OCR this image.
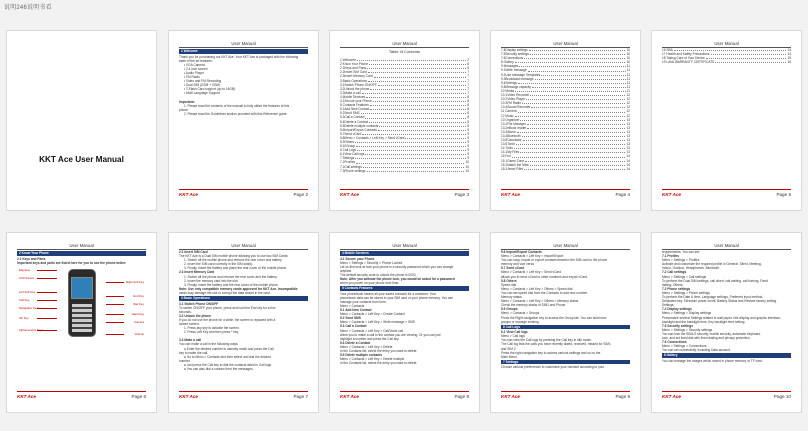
说明246说明书看
KKT Ace User Manual
User Manual
1 Welcome
Thank you for purchasing our KKT Ace. Your KKT Ace is packaged with the following
state of the art features:
• VGA Camera
• 2.4 inch screen
• Audio Player
• FM Radio
• Video and FM Recording
• Dual SIM (GSM + GSM)
• T-Flash Card support (up to 16GB)
• Multi Language Support

Important:
1. Please read the contents of the manual to fully utilize the features of this
phone.
2. Please read the Guidelines section provided with this Reference guide
KKT Ace	Page 2
User Manual
Table of Contents
1 Welcome	2
2 Know Your Phone	6
2.1Keys and Parts	6
2.2Insert SIM Card	7
2.3Insert Memory Card	7
3 Basic Operations	7
3.1Switch Phone ON/OFF	7
3.2Unlock the phone	7
3.3Make a call	7
4 Mobile Services	8
4.1Secure your Phone	8
5 Contacts Features	8
5.1Add New Contact	8
5.2Send SMS	8
5.3Call a Contact	8
5.4Delete a Contact	8
5.5Delete multiple contacts	8
5.6Import/Export Contacts	9
5.7Send vCard	9
5.8Menu > Contacts > Left Key > Send vCard	9
5.9Others	9
5.10Group	9
6 Call Logs	9
6.1View Call logs	9
7 Settings	9
7.1Profiles	10
7.2Call settings	10
7.3Phone settings	10
KKT Ace	Page 3
User Manual
7.4Display settings	10
7.5Security settings	10
7.6Connections	10
8 Gallery	10
9 Messages	11
9.1Write message	11
9.2Use message Templates	11
9.3Broadcast message	11
9.4Settings	11
9.5Message capacity	11
10 Media	11
10.1Video Recorder	12
10.2Video Player	12
10.3FM Radio	12
10.4Sound Recorder	12
11 Camera	12
12 Music	12
13 Organizer	13
13.1File Manager	13
13.2eBook reader	13
13.3Alarm	13
13.4Bluetooth	13
13.5Calculator	13
13.6Torch	13
14 Tools	13
14.1My Files	14
15 Fun	14
15.1Game Zone	14
15.2Match the Mice	14
15.3Jewel Fillet	14
KKT Ace	Page 4
User Manual
16 SBA	14
17 Health and Safety Precautions	14
18 Taking Care of Your Device	15
19 LAVA WARRANTY CERTIFICATE	16
KKT Ace	Page 5
User Manual
2 Know Your Phone
2.1 Keys and Parts
Important keys and parts are listed here for you to use the phone better:
Earpiece
LCD Screen
Left Soft Key
Call Key
Navigation Keys
OK Key
Alphanumeric Keys
Right Soft Key
End Key
Star Key
Hash Key
Camera
Volume
KKT Ace	Page 6
User Manual
2.2 Insert SIM Card
The KKT Ace is a Dual SIM mobile phone allowing you to use two SIM Cards:
1. Switch off the mobile phone and remove the rear cover and battery.
2. Insert the SIM card correctly in the SIM slot(s).
3. Finally, insert the battery and place the rear cover of the mobile phone.
2.3 Insert Memory Card
1. Switch off the phone and remove the rear cover and the battery.
2. Insert the memory card into the slot.
3. Finally, insert the battery and the rear cover of the mobile phone.
Note: Use only compatible memory cards approved for KKT Ace. Incompatible
cards may damage the slot or corrupt the data stored in the card.
3 Basic Operations
3.1 Switch Phone ON/OFF
To switch ON/OFF your phone, press and hold the End key for a few
seconds.
3.2 Unlock the phone
If you do not use the phone for a while, the screen is replaced with a
locked screen.
1. Press any key to activate the screen.
2. Press Left Key and then press * key.

3.3 Make a call
You can make a call in the following ways:
● Enter the desired number in standby mode and press the Call
key to make the call.
● Go to Menu > Contacts and then select and dial the desired
number.
● Just press the Call key to dial the contacts listed in Call logs
● You can also dial a contact from the messages.
KKT Ace	Page 7
User Manual
4 Mobile Services
4.1 Secure your Phone
Menu > Settings > Security > Phone Locked
Let us first look at how your phone is a security password which you can change
anytime.
The default security code to unlock the phone is 0000.
Note: After you activate the phone lock, you would be asked for a password
when you power on your phone next time.
5 Contacts Features
Your phonebook means all your saved contacts for a customer. Your
phonebook data can be stored in your SIM card or your phone memory. You can
manage your contacts from here.
Menu > Contacts
5.1 Add New Contact
Menu > Contacts > Left Key > Create Contact
5.2 Send SMS
Menu > Contacts > Left Key > Write message > SMS
5.3 Call a Contact
Menu > Contacts > Left Key > Call/Voice call
Allow you to make a call to the contact you are viewing. Or you can just
highlight a number and press the Call key.
5.4 Delete a Contact
Menu > Contacts > Left Key > Delete
In the Contacts list, select the entry you want to delete.
5.5 Delete multiple contacts
Menu > Contacts > Left Key > Delete multiple
In the Contacts list, select the entry you want to delete.
KKT Ace	Page 8
User Manual
5.6 Import/Export Contacts
Menu > Contacts > Left Key > Import/Export
You can copy, import or export contacts between the SIM card to the phone
memory and vice versa.
5.7 Send vCard
Menu > Contacts > Left Key > Send vCard
allows you to send vCard to other numbers and export vCard.
5.8 Others
Speed dial
Menu > Contacts > Left Key > Others > Speed dial
You can set speed dial from the Contacts to add new number.
Memory status
Menu > Contacts > Left Key > Others > Memory status
Check the memory status of SIM1 and Phone.
5.9 Groups
Menu > Contacts > Groups
Press the Right navigation key to access the Group tab. You can build new
groups or manage existing.
6 Call Logs
6.1 View Call logs
Menu > Call logs
You can view the Call logs by pressing the Call key in idle mode.
The Call log lists the calls you have recently dialed, received, missed for SIM1
and SIM 2.
Press the right navigation key to access various settings and so on the
Main Menu.
7 Settings
Choose various preferences to customize your handset according to your
KKT Ace	Page 9
User Manual
requirements. You can set:
7.1 Profiles
Menu > Settings > Profiles
Activate and customize the required profile in General, Silent, Meeting,
Indoor, Outdoor, Headphones, Bluetooth.
7.2 Call settings
Menu > Settings > Call settings
To perform the Dual SIM settings, call divert, call waiting, call barring, Fixed
dialing, Others.
7.3 Phone settings
Menu > Settings > Phone settings
To perform the Date & time, Language settings, Preferred input method,
Dedicated key, Schedule power on/off, Battery Status and Restore factory setting.
Settings.
7.4 Display settings
Menu > Settings > Display settings
Personalize several Settings related to wall paper, Idle display and graphic interface,
backlight and the backlight time, Key backlight time setting.
7.5 Security settings
Menu > Settings > Security settings
You can lock the SIM1/2 security, mobile security, automatic keyboard
lock, and set fixed dial with fixed dialing and privacy protection.
7.6 Connections
Menu > Settings > Connections
You can set connectivity, including Data account.
8 Gallery
You can manage the images which saved in phone memory or TF card.
KKT Ace	Page 10
